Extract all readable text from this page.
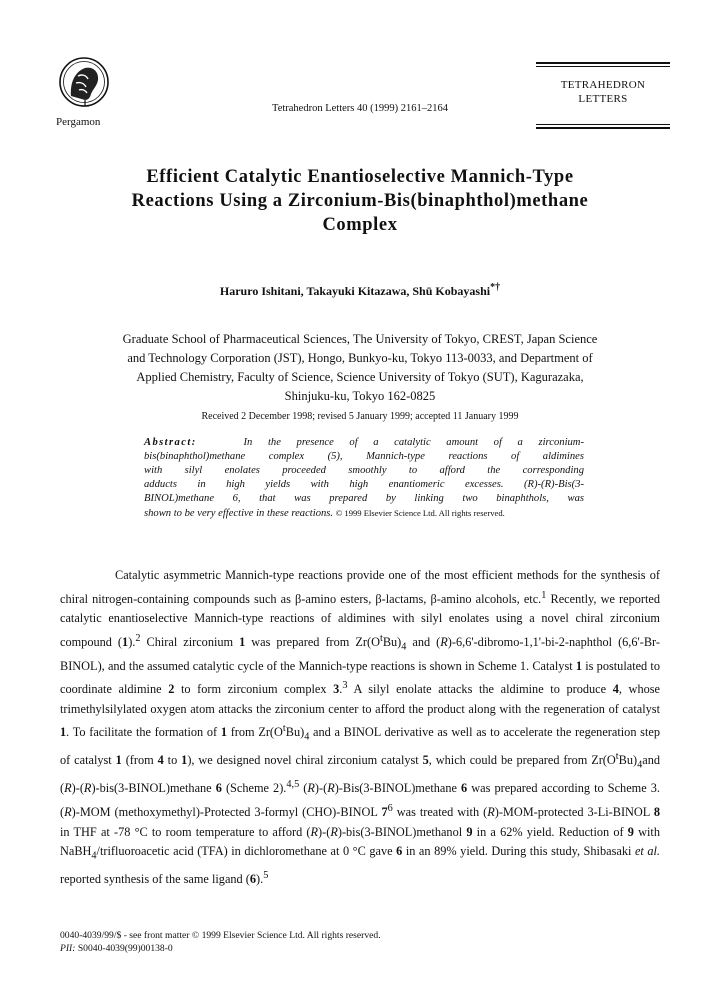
Pergamon
Tetrahedron Letters 40 (1999) 2161–2164
TETRAHEDRON
LETTERS
Efficient Catalytic Enantioselective Mannich-Type
Reactions Using a Zirconium-Bis(binaphthol)methane
Complex
Haruro Ishitani, Takayuki Kitazawa, Shū Kobayashi*†
Graduate School of Pharmaceutical Sciences, The University of Tokyo, CREST, Japan Science
and Technology Corporation (JST), Hongo, Bunkyo-ku, Tokyo 113-0033, and Department of
Applied Chemistry, Faculty of Science, Science University of Tokyo (SUT), Kagurazaka,
Shinjuku-ku, Tokyo 162-0825
Received 2 December 1998; revised 5 January 1999; accepted 11 January 1999
Abstract:	In the presence of a catalytic amount of a zirconium-
bis(binaphthol)methane complex (5), Mannich-type reactions of aldimines
with silyl enolates proceeded smoothly to afford the corresponding
adducts in high yields with high enantiomeric excesses. (R)-(R)-Bis(3-
BINOL)methane 6, that was prepared by linking two binaphthols, was
shown to be very effective in these reactions. © 1999 Elsevier Science Ltd. All rights reserved.

Catalytic asymmetric Mannich-type reactions provide one of the most efficient methods for the synthesis of chiral nitrogen-containing compounds such as β-amino esters, β-lactams, β-amino alcohols, etc.$^1$ Recently, we reported catalytic enantioselective Mannich-type reactions of aldimines with silyl enolates using a novel chiral zirconium compound (1).$^2$ Chiral zirconium 1 was prepared from $Zr(O^tBu)_4$ and (R)-6,6'-dibromo-1,1'-bi-2-naphthol (6,6'-Br-BINOL), and the assumed catalytic cycle of the Mannich-type reactions is shown in Scheme 1. Catalyst 1 is postulated to coordinate aldimine 2 to form zirconium complex 3.$^3$ A silyl enolate attacks the aldimine to produce 4, whose trimethylsilylated oxygen atom attacks the zirconium center to afford the product along with the regeneration of catalyst 1. To facilitate the formation of 1 from $Zr(O^tBu)_4$ and a BINOL derivative as well as to accelerate the regeneration step of catalyst 1 (from 4 to 1), we designed novel chiral zirconium catalyst 5, which could be prepared from $Zr(O^tBu)_4and$ (R)-(R)-bis(3-BINOL)methane 6 (Scheme 2).$^{4,5}$ (R)-(R)-Bis(3-BINOL)methane 6 was prepared according to Scheme 3. (R)-MOM (methoxymethyl)-Protected 3-formyl (CHO)-BINOL $7^6$ was treated with (R)-MOM-protected 3-Li-BINOL 8 in THF at -78 °C to room temperature to afford (R)-(R)-bis(3-BINOL)methanol 9 in a 62% yield. Reduction of 9 with NaBH$_4$/trifluoroacetic acid (TFA) in dichloromethane at 0 °C gave 6 in an 89% yield. During this study, Shibasaki et al. reported synthesis of the same ligand (6).$^5$

0040-4039/99/$ - see front matter © 1999 Elsevier Science Ltd. All rights reserved.
PII: S0040-4039(99)00138-0
